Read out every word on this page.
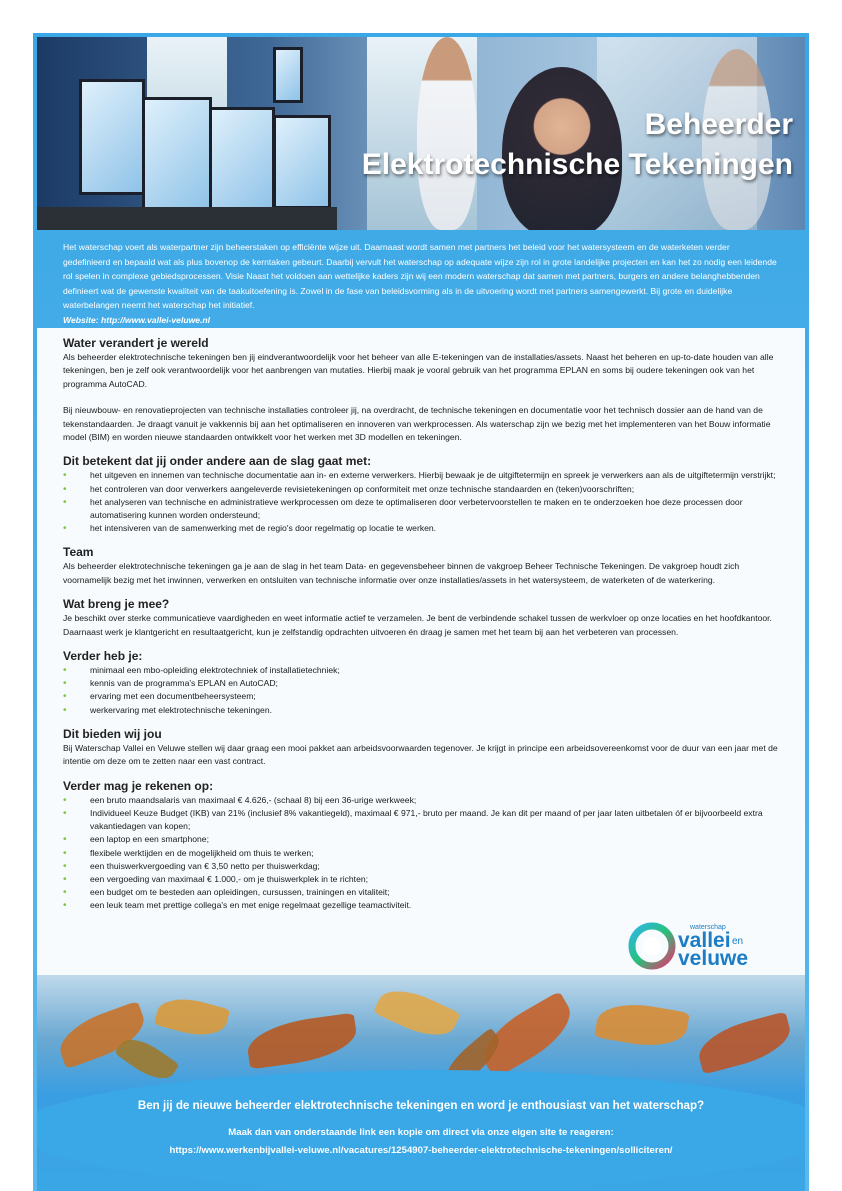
Beheerder
Elektrotechnische Tekeningen
Het waterschap voert als waterpartner zijn beheerstaken op efficiënte wijze uit. Daarnaast wordt samen met partners het beleid voor het watersysteem en de waterketen verder gedefinieerd en bepaald wat als plus bovenop de kerntaken gebeurt. Daarbij vervult het waterschap op adequate wijze zijn rol in grote landelijke projecten en kan het zo nodig een leidende rol spelen in complexe gebiedsprocessen. Visie Naast het voldoen aan wettelijke kaders zijn wij een modern waterschap dat samen met partners, burgers en andere belanghebbenden definieert wat de gewenste kwaliteit van de taakuitoefening is. Zowel in de fase van beleidsvorming als in de uitvoering wordt met partners samengewerkt. Bij grote en duidelijke waterbelangen neemt het waterschap het initiatief.
Website: http://www.vallei-veluwe.nl
Water verandert je wereld

Als beheerder elektrotechnische tekeningen ben jij eindverantwoordelijk voor het beheer van alle E-tekeningen van de installaties/assets. Naast het beheren en up-to-date houden van alle tekeningen, ben je zelf ook verantwoordelijk voor het aanbrengen van mutaties. Hierbij maak je vooral gebruik van het programma EPLAN en soms bij oudere tekeningen ook van het programma AutoCAD.

Bij nieuwbouw- en renovatieprojecten van technische installaties controleer jij, na overdracht, de technische tekeningen en documentatie voor het technisch dossier aan de hand van de tekenstandaarden. Je draagt vanuit je vakkennis bij aan het optimaliseren en innoveren van werkprocessen. Als waterschap zijn we bezig met het implementeren van het Bouw informatie model (BIM) en worden nieuwe standaarden ontwikkelt voor het werken met 3D modellen en tekeningen.

Dit betekent dat jij onder andere aan de slag gaat met:
• het uitgeven en innemen van technische documentatie aan in- en externe verwerkers. Hierbij bewaak je de uitgiftetermijn en spreek je verwerkers aan als de uitgiftetermijn verstrijkt;
• het controleren van door verwerkers aangeleverde revisietekeningen op conformiteit met onze technische standaarden en (teken)voorschriften;
• het analyseren van technische en administratieve werkprocessen om deze te optimaliseren door verbetervoorstellen te maken en te onderzoeken hoe deze processen door automatisering kunnen worden ondersteund;
• het intensiveren van de samenwerking met de regio's door regelmatig op locatie te werken.
Team

Als beheerder elektrotechnische tekeningen ga je aan de slag in het team Data- en gegevensbeheer binnen de vakgroep Beheer Technische Tekeningen. De vakgroep houdt zich voornamelijk bezig met het inwinnen, verwerken en ontsluiten van technische informatie over onze installaties/assets in het watersysteem, de waterketen of de waterkering.

Wat breng je mee?

Je beschikt over sterke communicatieve vaardigheden en weet informatie actief te verzamelen. Je bent de verbindende schakel tussen de werkvloer op onze locaties en het hoofdkantoor. Daarnaast werk je klantgericht en resultaatgericht, kun je zelfstandig opdrachten uitvoeren én draag je samen met het team bij aan het verbeteren van processen.

Verder heb je:
• minimaal een mbo-opleiding elektrotechniek of installatietechniek;
• kennis van de programma's EPLAN en AutoCAD;
• ervaring met een documentbeheersysteem;
• werkervaring met elektrotechnische tekeningen.
Dit bieden wij jou

Bij Waterschap Vallei en Veluwe stellen wij daar graag een mooi pakket aan arbeidsvoorwaarden tegenover. Je krijgt in principe een arbeidsovereenkomst voor de duur van een jaar met de intentie om deze om te zetten naar een vast contract.

Verder mag je rekenen op:
• een bruto maandsalaris van maximaal € 4.626,- (schaal 8) bij een 36-urige werkweek;
• Individueel Keuze Budget (IKB) van 21% (inclusief 8% vakantiegeld), maximaal € 971,- bruto per maand. Je kan dit per maand of per jaar laten uitbetalen óf er bijvoorbeeld extra vakantiedagen van kopen;
• een laptop en een smartphone;
• flexibele werktijden en de mogelijkheid om thuis te werken;
• een thuiswerkvergoeding van € 3,50 netto per thuiswerkdag;
• een vergoeding van maximaal € 1.000,- om je thuiswerkplek in te richten;
• een budget om te besteden aan opleidingen, cursussen, trainingen en vitaliteit;
• een leuk team met prettige collega's en met enige regelmaat gezellige teamactiviteit.
waterschap
vallei en
veluwe
Ben jij de nieuwe beheerder elektrotechnische tekeningen en word je enthousiast van het waterschap?
Maak dan van onderstaande link een kopie om direct via onze eigen site te reageren:
https://www.werkenbijvallei-veluwe.nl/vacatures/1254907-beheerder-elektrotechnische-tekeningen/solliciteren/
